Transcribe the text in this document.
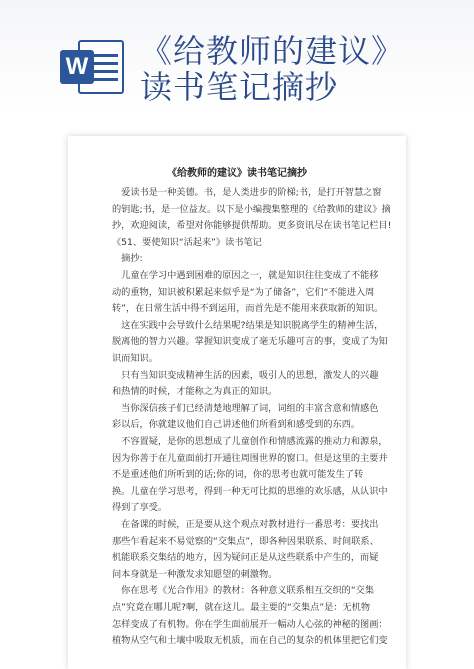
W 《给教师的建议》
读书笔记摘抄
《给教师的建议》读书笔记摘抄
　爱读书是一种美德。书，是人类进步的阶梯;书，是打开智慧之窗
的钥匙;书，是一位益友。以下是小编搜集整理的《给教师的建议》摘
抄，欢迎阅读，希望对你能够提供帮助。更多资讯尽在读书笔记栏目!
《51、要使知识“活起来”》读书笔记
　摘抄:
　儿童在学习中遇到困难的原因之一，就是知识往往变成了不能移
动的重物，知识被积累起来似乎是“为了储备”，它们“不能进入周
转”，在日常生活中得不到运用，而首先是不能用来获取新的知识。
　这在实践中会导致什么结果呢?结果是知识脱离学生的精神生活，
脱离他的智力兴趣。掌握知识变成了毫无乐趣可言的事，变成了为知
识而知识。
　只有当知识变成精神生活的因素，吸引人的思想，激发人的兴趣
和热情的时候，才能称之为真正的知识。
　当你深信孩子们已经清楚地理解了词，词组的丰富含意和情感色
彩以后，你就建议他们自己讲述他们所看到和感受到的东西。
　不容置疑，是你的思想成了儿童创作和情感流露的推动力和源泉，
因为你善于在儿童面前打开通往周围世界的窗口。但是这里的主要并
不是重述他们所听到的话;你的词，你的思考也就可能发生了转
换。儿童在学习思考，得到一种无可比拟的思维的欢乐感，从认识中
得到了享受。
　在备课的时候，正是要从这个观点对教材进行一番思考：要找出
那些乍看起来不易觉察的“交集点”，即各种因果联系、时间联系、
机能联系交集结的地方，因为疑问正是从这些联系中产生的，而疑
问本身就是一种激发求知愿望的刺激物。
　你在思考《光合作用》的教材：各种意义联系相互交织的“交集
点”究竟在哪儿呢?啊，就在这儿。最主要的“交集点”是：无机物
怎样变成了有机物。你在学生面前展开一幅动人心弦的神秘的图画：
植物从空气和土壤中吸取无机质，而在自己的复杂的机体里把它们变
